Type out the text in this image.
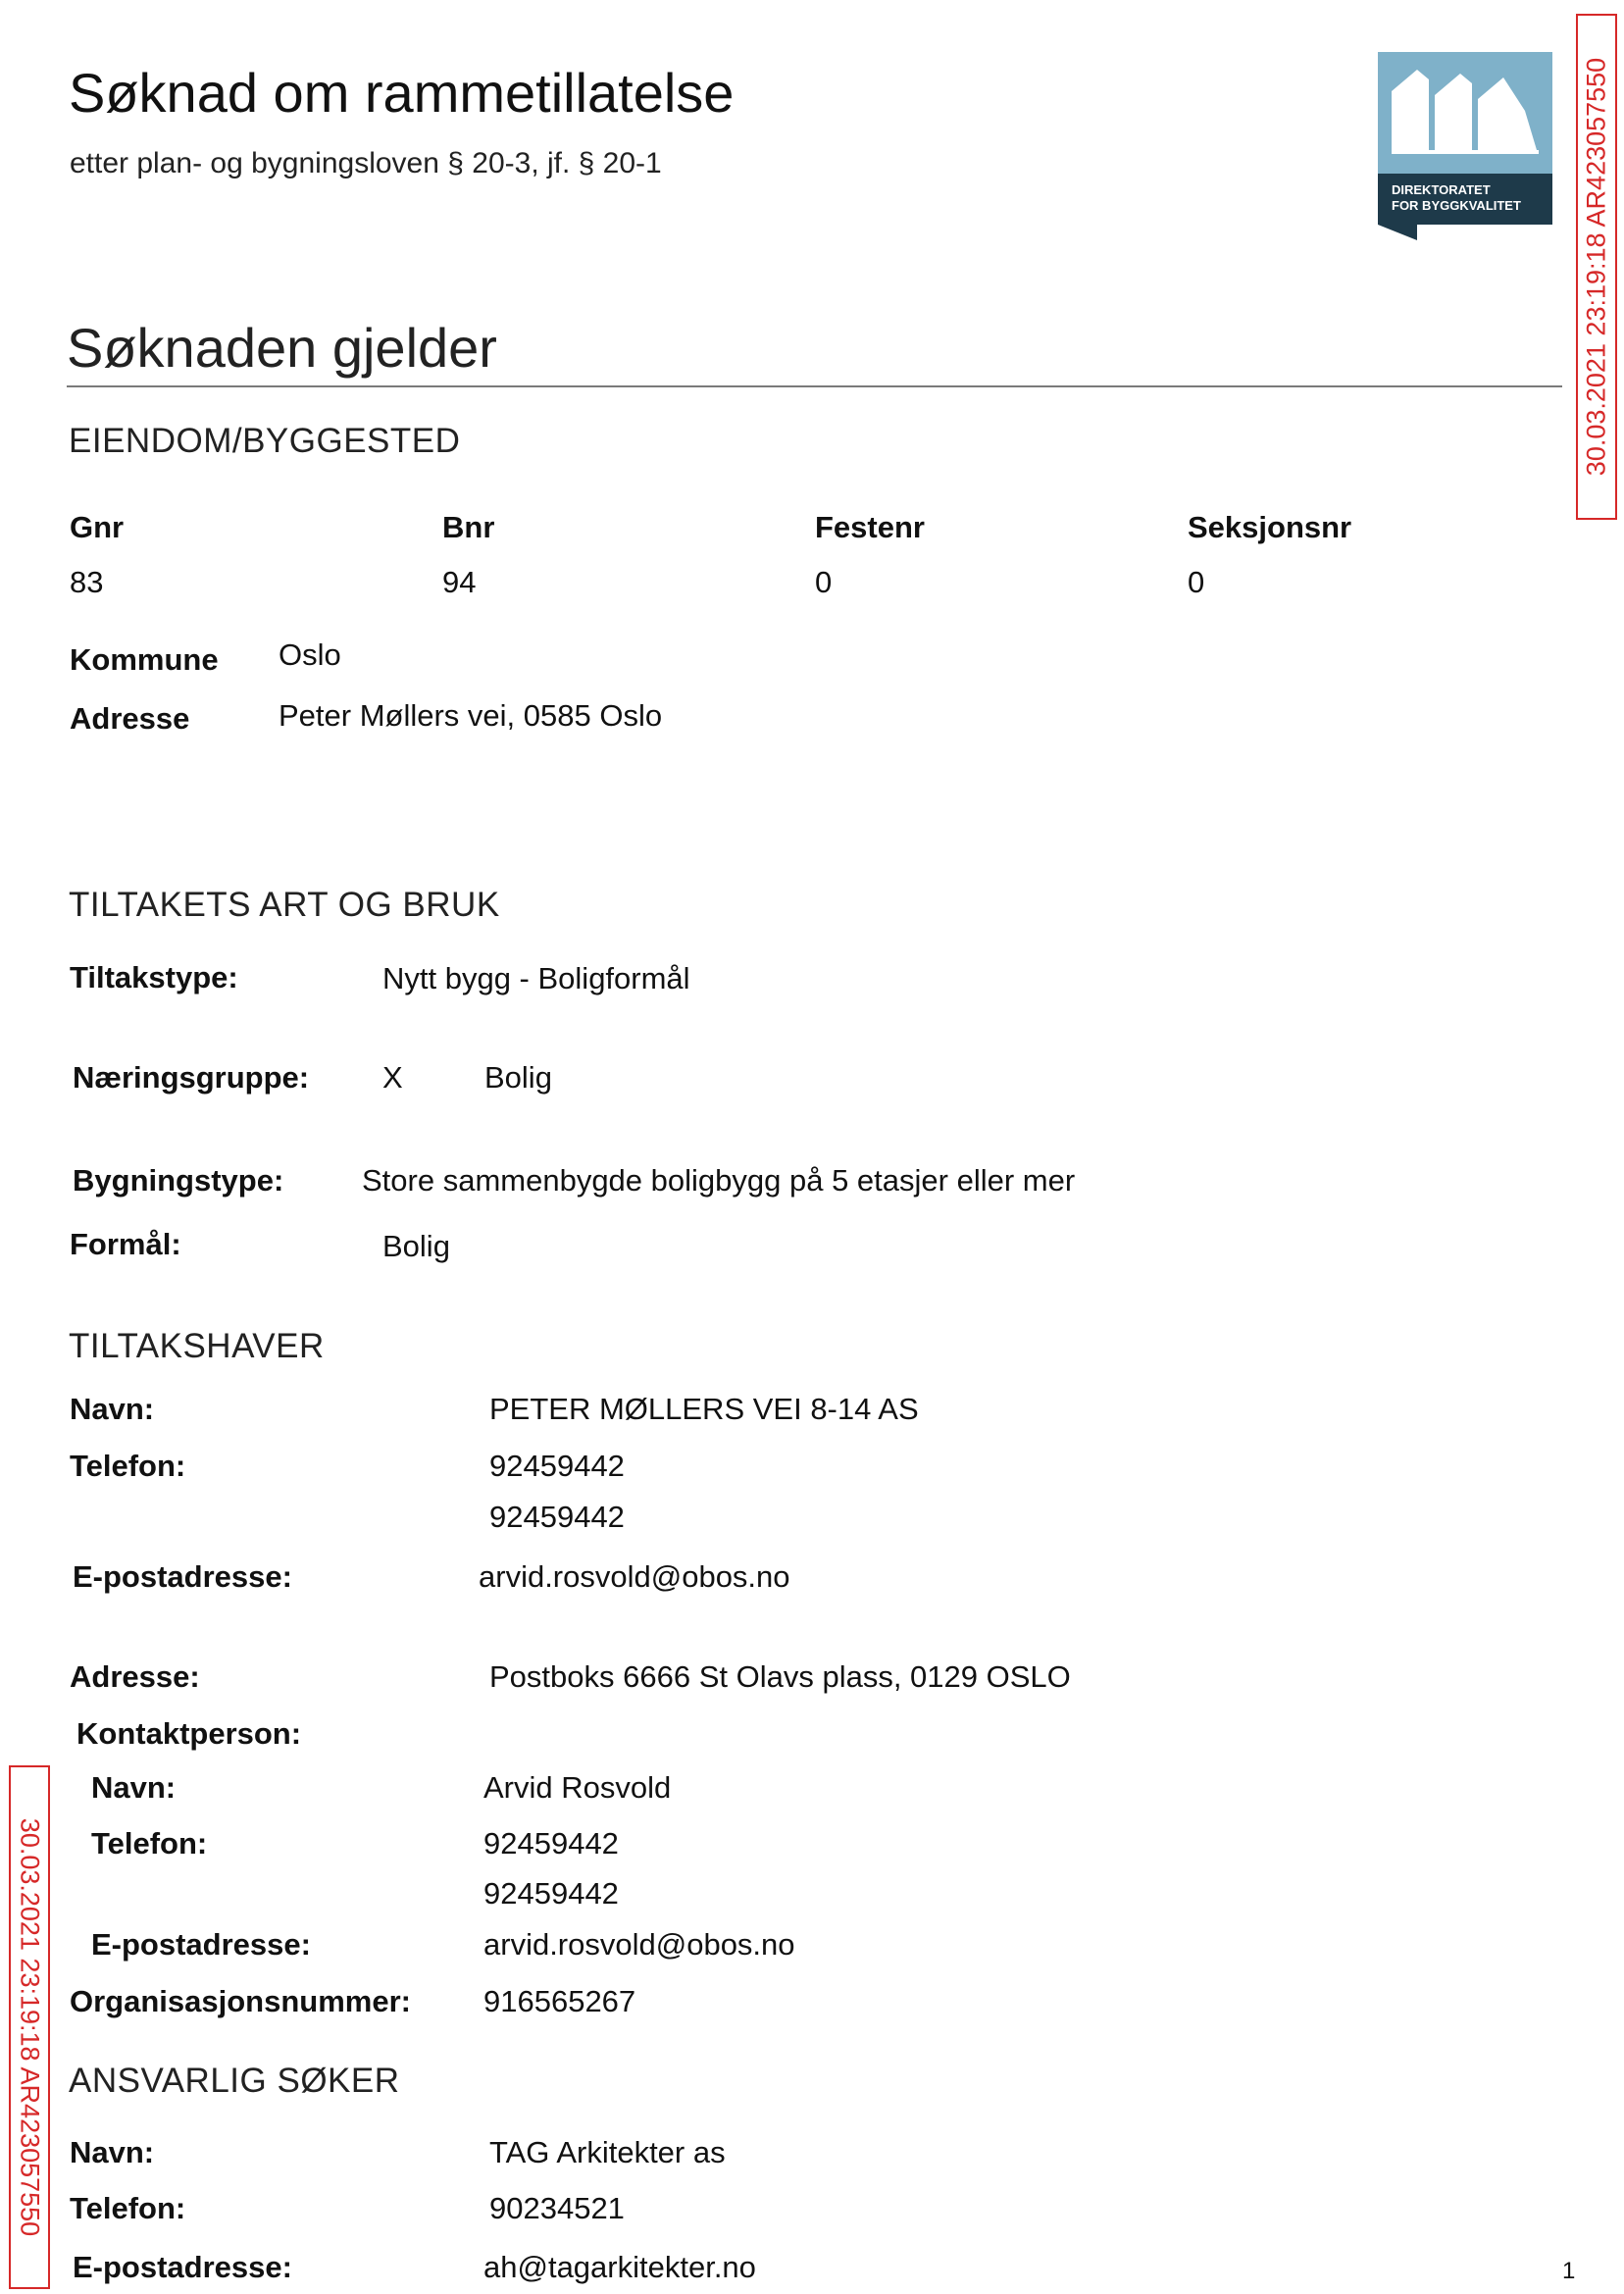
Søknad om rammetillatelse
etter plan- og bygningsloven § 20-3, jf. § 20-1
DIREKTORATET
FOR BYGGKVALITET 30.03.2021 23:19:18 AR423057550
30.03.2021 23:19:18 AR423057550
Søknaden gjelder
EIENDOM/BYGGESTED
Gnr	Bnr	Festenr	Seksjonsnr
83	94	0	0
Kommune Oslo
Adresse	Peter Møllers vei, 0585 Oslo
TILTAKETS ART OG BRUK
Tiltakstype:	Nytt bygg - Boligformål
Næringsgruppe: X	Bolig
Bygningstype:	Store sammenbygde boligbygg på 5 etasjer eller mer
Formål:	Bolig
TILTAKSHAVER
Navn:	PETER MØLLERS VEI 8-14 AS
Telefon:	92459442
92459442
E-postadresse:	arvid.rosvold@obos.no
Adresse:	Postboks 6666 St Olavs plass, 0129 OSLO
Kontaktperson:
Navn:	Arvid Rosvold
Telefon:	92459442
92459442
E-postadresse:	arvid.rosvold@obos.no
Organisasjonsnummer: 916565267
ANSVARLIG SØKER
Navn:	TAG Arkitekter as
Telefon:	90234521
E-postadresse:	ah@tagarkitekter.no	1
